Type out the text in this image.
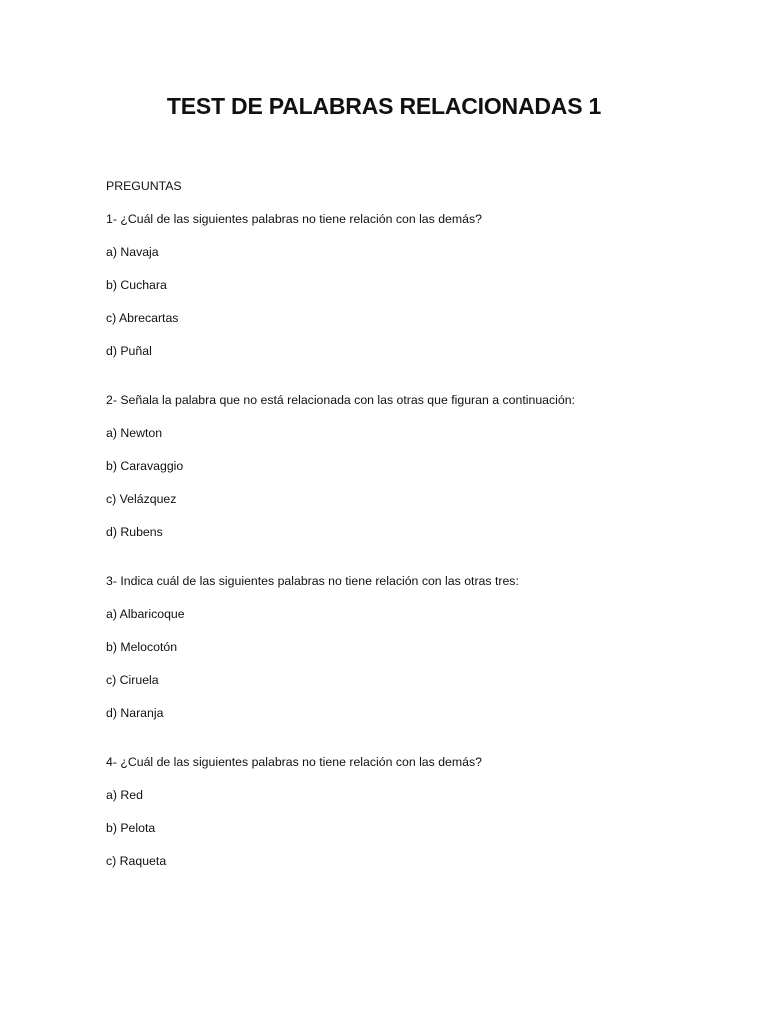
TEST DE PALABRAS RELACIONADAS 1

PREGUNTAS

1- ¿Cuál de las siguientes palabras no tiene relación con las demás?

a) Navaja

b) Cuchara

c) Abrecartas

d) Puñal

2- Señala la palabra que no está relacionada con las otras que figuran a continuación:

a) Newton

b) Caravaggio

c) Velázquez

d) Rubens

3- Indica cuál de las siguientes palabras no tiene relación con las otras tres:

a) Albaricoque

b) Melocotón

c) Ciruela

d) Naranja

4- ¿Cuál de las siguientes palabras no tiene relación con las demás?

a) Red

b) Pelota

c) Raqueta
